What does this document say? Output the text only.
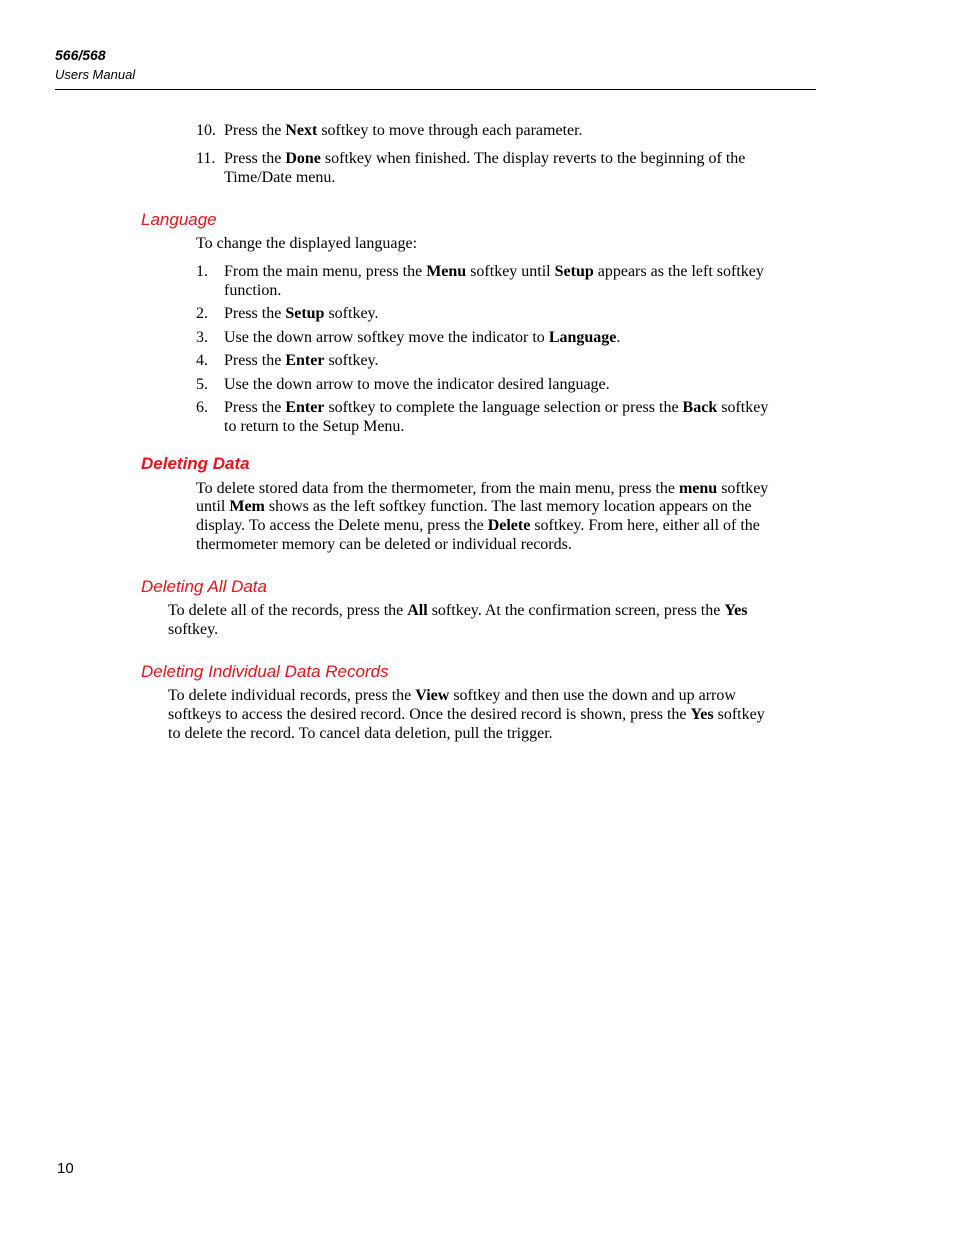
566/568
Users Manual
10. Press the Next softkey to move through each parameter.
11. Press the Done softkey when finished. The display reverts to the beginning of the
Time/Date menu.
Language
To change the displayed language:
1. From the main menu, press the Menu softkey until Setup appears as the left softkey
function.
2. Press the Setup softkey.
3. Use the down arrow softkey move the indicator to Language.
4. Press the Enter softkey.
5. Use the down arrow to move the indicator desired language.
6. Press the Enter softkey to complete the language selection or press the Back softkey
to return to the Setup Menu.
Deleting Data
To delete stored data from the thermometer, from the main menu, press the menu softkey
until Mem shows as the left softkey function. The last memory location appears on the
display. To access the Delete menu, press the Delete softkey. From here, either all of the
thermometer memory can be deleted or individual records.
Deleting All Data
To delete all of the records, press the All softkey. At the confirmation screen, press the Yes
softkey.
Deleting Individual Data Records
To delete individual records, press the View softkey and then use the down and up arrow
softkeys to access the desired record. Once the desired record is shown, press the Yes softkey
to delete the record. To cancel data deletion, pull the trigger.
10
